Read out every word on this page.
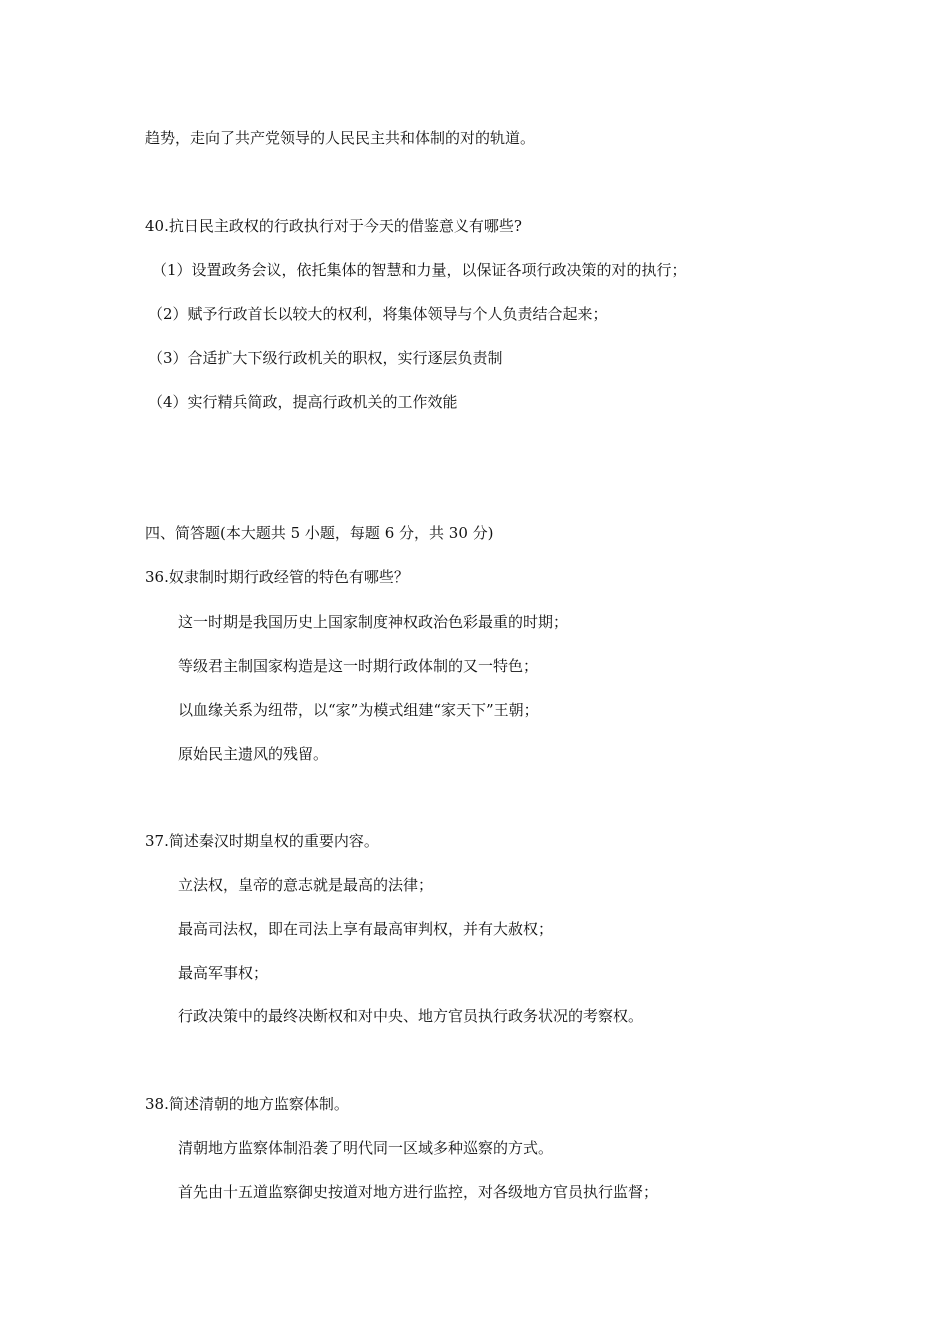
趋势，走向了共产党领导的人民民主共和体制的对的轨道。
40.抗日民主政权的行政执行对于今天的借鉴意义有哪些?
（1）设置政务会议，依托集体的智慧和力量，以保证各项行政决策的对的执行；
（2）赋予行政首长以较大的权利，将集体领导与个人负责结合起来；
（3）合适扩大下级行政机关的职权，实行逐层负责制
（4）实行精兵简政，提高行政机关的工作效能
四、简答题(本大题共 5 小题，每题 6 分，共 30 分)
36.奴隶制时期行政经管的特色有哪些？
这一时期是我国历史上国家制度神权政治色彩最重的时期；
等级君主制国家构造是这一时期行政体制的又一特色；
以血缘关系为纽带，以“家”为模式组建“家天下”王朝；
原始民主遗风的残留。
37.简述秦汉时期皇权的重要内容。
立法权，皇帝的意志就是最高的法律；
最高司法权，即在司法上享有最高审判权，并有大赦权；
最高军事权；
行政决策中的最终决断权和对中央、地方官员执行政务状况的考察权。
38.简述清朝的地方监察体制。
清朝地方监察体制沿袭了明代同一区域多种巡察的方式。
首先由十五道监察御史按道对地方进行监控，对各级地方官员执行监督；
